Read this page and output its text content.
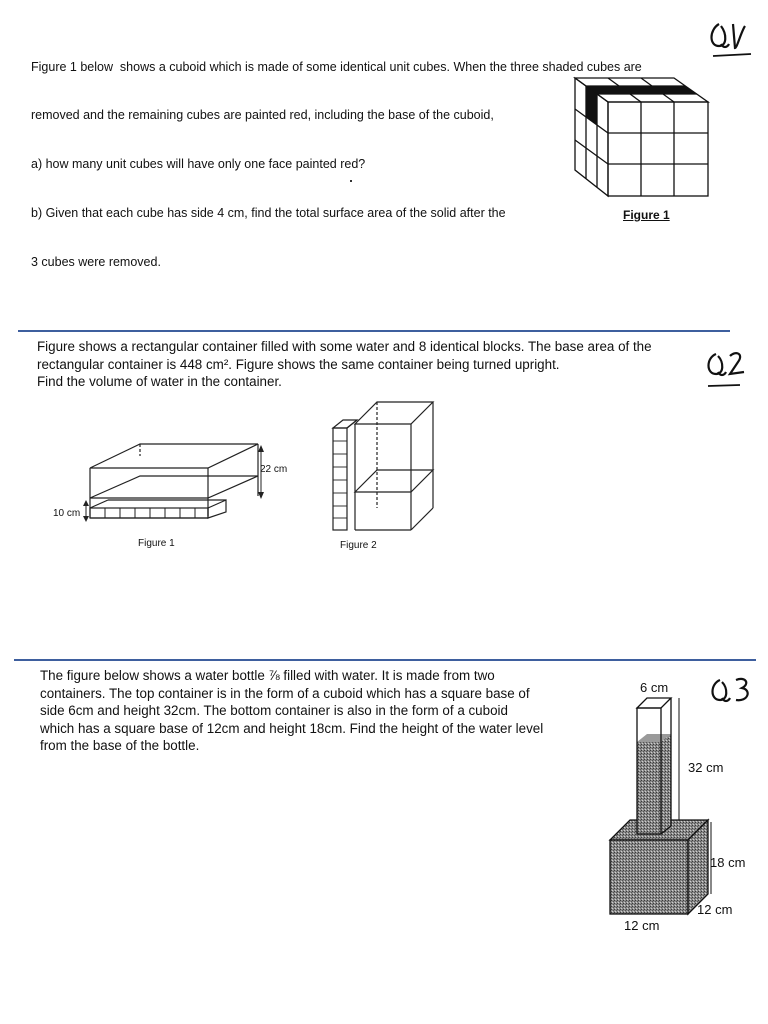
Figure 1 below  shows a cuboid which is made of some identical unit cubes. When the three shaded cubes are

removed and the remaining cubes are painted red, including the base of the cuboid,

a) how many unit cubes will have only one face painted red?

b) Given that each cube has side 4 cm, find the total surface area of the solid after the

3 cubes were removed.

Figure 1
Figure shows a rectangular container filled with some water and 8 identical blocks. The base area of the
rectangular container is 448 cm². Figure shows the same container being turned upright.
Find the volume of water in the container.
22 cm
10 cm
Figure 1	Figure 2
The figure below shows a water bottle ⅞ filled with water. It is made from two
containers. The top container is in the form of a cuboid which has a square base of
side 6cm and height 32cm. The bottom container is also in the form of a cuboid
which has a square base of 12cm and height 18cm. Find the height of the water level
from the base of the bottle.
6 cm
32 cm
18 cm
12 cm
12 cm
